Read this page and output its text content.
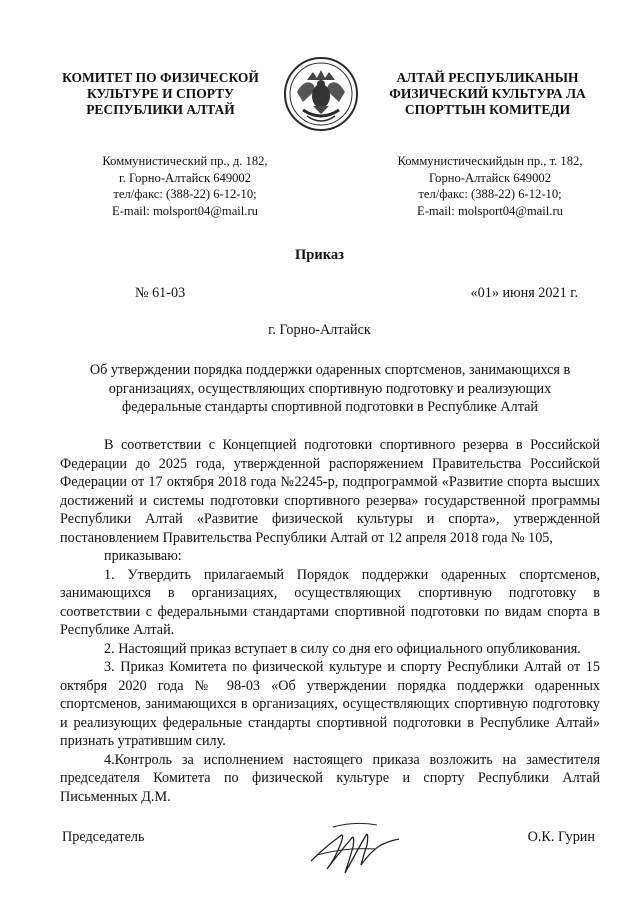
КОМИТЕТ ПО ФИЗИЧЕСКОЙ
КУЛЬТУРЕ И СПОРТУ
РЕСПУБЛИКИ АЛТАЙ
АЛТАЙ РЕСПУБЛИКАНЫН
ФИЗИЧЕСКИЙ КУЛЬТУРА ЛА
СПОРТТЫН КОМИТЕДИ
Коммунистический пр., д. 182,
г. Горно-Алтайск 649002
тел/факс: (388-22) 6-12-10;
E-mail: molsport04@mail.ru
Коммунистическийдын пр., т. 182,
Горно-Алтайск 649002
тел/факс: (388-22) 6-12-10;
E-mail: molsport04@mail.ru
Приказ
№ 61-03	«01» июня 2021 г.
г. Горно-Алтайск
Об утверждении порядка поддержки одаренных спортсменов, занимающихся в
организациях, осуществляющих спортивную подготовку и реализующих
федеральные стандарты спортивной подготовки в Республике Алтай

В соответствии с Концепцией подготовки спортивного резерва в Российской Федерации до 2025 года, утвержденной распоряжением Правительства Российской Федерации от 17 октября 2018 года №2245-р, подпрограммой «Развитие спорта высших достижений и системы подготовки спортивного резерва» государственной программы Республики Алтай «Развитие физической культуры и спорта», утвержденной постановлением Правительства Республики Алтай от 12 апреля 2018 года № 105,

приказываю:

1. Утвердить прилагаемый Порядок поддержки одаренных спортсменов, занимающихся в организациях, осуществляющих спортивную подготовку в соответствии с федеральными стандартами спортивной подготовки по видам спорта в Республике Алтай.

2. Настоящий приказ вступает в силу со дня его официального опубликования.

3. Приказ Комитета по физической культуре и спорту Республики Алтай от 15 октября 2020 года № 98-03 «Об утверждении порядка поддержки одаренных спортсменов, занимающихся в организациях, осуществляющих спортивную подготовку и реализующих федеральные стандарты спортивной подготовки в Республике Алтай» признать утратившим силу.

4.Контроль за исполнением настоящего приказа возложить на заместителя председателя Комитета по физической культуре и спорту Республики Алтай Письменных Д.М.

Председатель	О.К. Гурин
